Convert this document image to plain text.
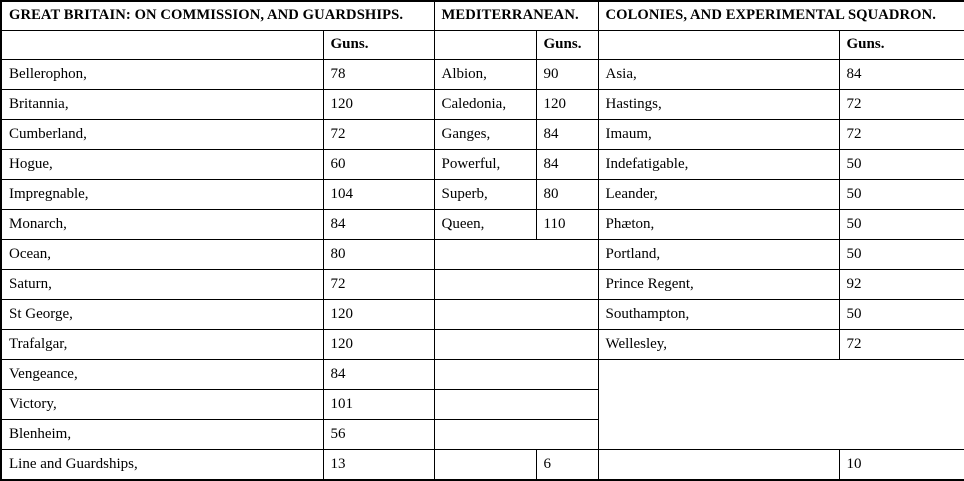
GREAT BRITAIN: ON COMMISSION, AND GUARDSHIPS.		MEDITERRANEAN.		COLONIES, AND EXPERIMENTAL SQUADRON.	
	Guns.		Guns.		Guns.
Bellerophon,	78	Albion,	90	Asia,	84
Britannia,	120	Caledonia,	120	Hastings,	72
Cumberland,	72	Ganges,	84	Imaum,	72
Hogue,	60	Powerful,	84	Indefatigable,	50
Impregnable,	104	Superb,	80	Leander,	50
Monarch,	84	Queen,	110	Phæton,	50
Ocean,	80			Portland,	50
Saturn,	72			Prince Regent,	92
St George,	120			Southampton,	50
Trafalgar,	120			Wellesley,	72
Vengeance,	84				
Victory,	101				
Blenheim,	56				
Line and Guardships,	13		6		10
